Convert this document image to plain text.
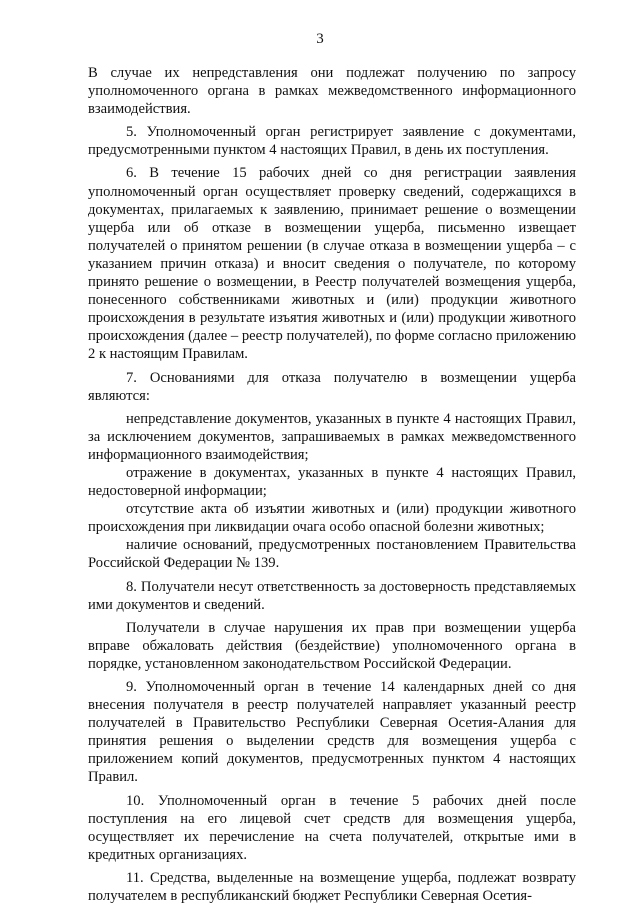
3

В случае их непредставления они подлежат получению по запросу уполномоченного органа в рамках межведомственного информационного взаимодействия.

5. Уполномоченный орган регистрирует заявление с документами, предусмотренными пунктом 4 настоящих Правил, в день их поступления.

6. В течение 15 рабочих дней со дня регистрации заявления уполномоченный орган осуществляет проверку сведений, содержащихся в документах, прилагаемых к заявлению, принимает решение о возмещении ущерба или об отказе в возмещении ущерба, письменно извещает получателей о принятом решении (в случае отказа в возмещении ущерба – с указанием причин отказа) и вносит сведения о получателе, по которому принято решение о возмещении, в Реестр получателей возмещения ущерба, понесенного собственниками животных и (или) продукции животного происхождения в результате изъятия животных и (или) продукции животного происхождения (далее – реестр получателей), по форме согласно приложению 2 к настоящим Правилам.

7. Основаниями для отказа получателю в возмещении ущерба являются:

непредставление документов, указанных в пункте 4 настоящих Правил, за исключением документов, запрашиваемых в рамках межведомственного информационного взаимодействия;

отражение в документах, указанных в пункте 4 настоящих Правил, недостоверной информации;

отсутствие акта об изъятии животных и (или) продукции животного происхождения при ликвидации очага особо опасной болезни животных;

наличие оснований, предусмотренных постановлением Правительства Российской Федерации № 139.

8. Получатели несут ответственность за достоверность представляемых ими документов и сведений.

Получатели в случае нарушения их прав при возмещении ущерба вправе обжаловать действия (бездействие) уполномоченного органа в порядке, установленном законодательством Российской Федерации.

9. Уполномоченный орган в течение 14 календарных дней со дня внесения получателя в реестр получателей направляет указанный реестр получателей в Правительство Республики Северная Осетия-Алания для принятия решения о выделении средств для возмещения ущерба с приложением копий документов, предусмотренных пунктом 4 настоящих Правил.

10. Уполномоченный орган в течение 5 рабочих дней после поступления на его лицевой счет средств для возмещения ущерба, осуществляет их перечисление на счета получателей, открытые ими в кредитных организациях.

11. Средства, выделенные на возмещение ущерба, подлежат возврату получателем в республиканский бюджет Республики Северная Осетия-
